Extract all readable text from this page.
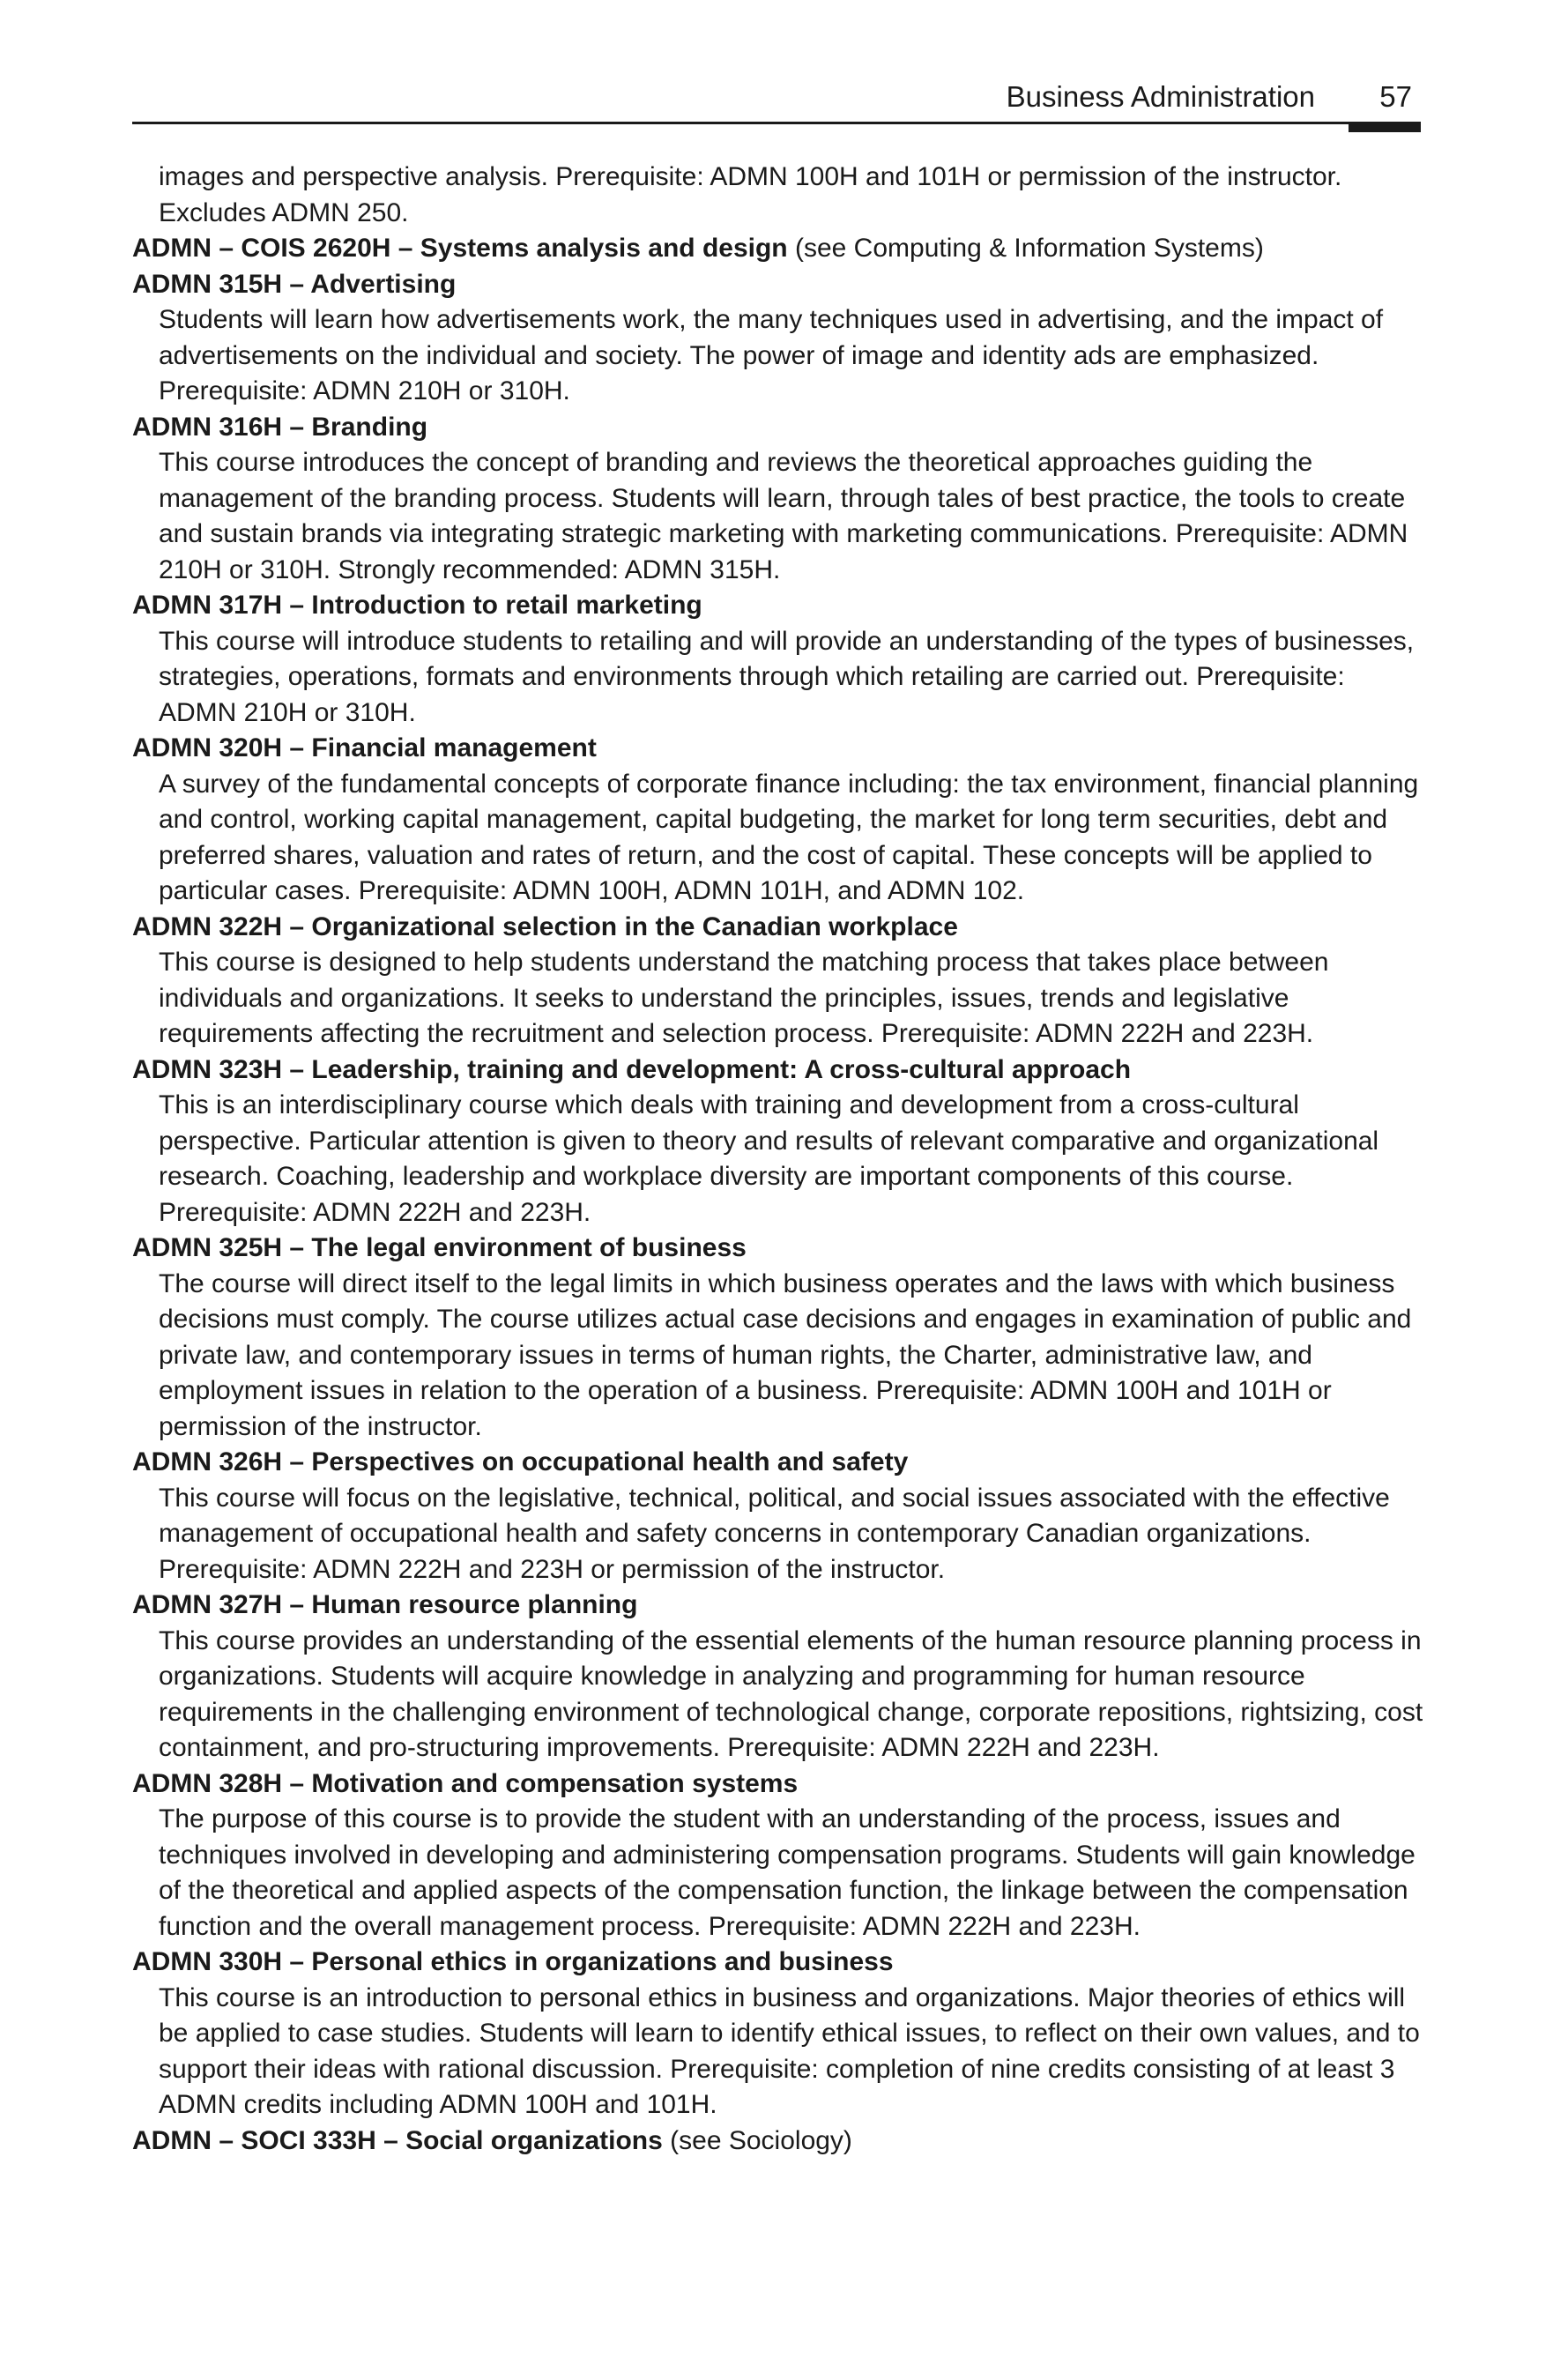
Business Administration 57

images and perspective analysis. Prerequisite: ADMN 100H and 101H or permission of the instructor. Excludes ADMN 250.

ADMN – COIS 2620H – Systems analysis and design (see Computing & Information Systems)

ADMN 315H – Advertising

Students will learn how advertisements work, the many techniques used in advertising, and the impact of advertisements on the individual and society. The power of image and identity ads are emphasized. Prerequisite: ADMN 210H or 310H.

ADMN 316H – Branding

This course introduces the concept of branding and reviews the theoretical approaches guiding the management of the branding process. Students will learn, through tales of best practice, the tools to create and sustain brands via integrating strategic marketing with marketing communications. Prerequisite: ADMN 210H or 310H. Strongly recommended: ADMN 315H.

ADMN 317H – Introduction to retail marketing

This course will introduce students to retailing and will provide an understanding of the types of businesses, strategies, operations, formats and environments through which retailing are carried out. Prerequisite: ADMN 210H or 310H.

ADMN 320H – Financial management

A survey of the fundamental concepts of corporate finance including: the tax environment, financial planning and control, working capital management, capital budgeting, the market for long term securities, debt and preferred shares, valuation and rates of return, and the cost of capital. These concepts will be applied to particular cases. Prerequisite: ADMN 100H, ADMN 101H, and ADMN 102.

ADMN 322H – Organizational selection in the Canadian workplace

This course is designed to help students understand the matching process that takes place between individuals and organizations. It seeks to understand the principles, issues, trends and legislative requirements affecting the recruitment and selection process. Prerequisite: ADMN 222H and 223H.

ADMN 323H – Leadership, training and development: A cross-cultural approach

This is an interdisciplinary course which deals with training and development from a cross-cultural perspective. Particular attention is given to theory and results of relevant comparative and organizational research. Coaching, leadership and workplace diversity are important components of this course. Prerequisite: ADMN 222H and 223H.

ADMN 325H – The legal environment of business

The course will direct itself to the legal limits in which business operates and the laws with which business decisions must comply. The course utilizes actual case decisions and engages in examination of public and private law, and contemporary issues in terms of human rights, the Charter, administrative law, and employment issues in relation to the operation of a business. Prerequisite: ADMN 100H and 101H or permission of the instructor.

ADMN 326H – Perspectives on occupational health and safety

This course will focus on the legislative, technical, political, and social issues associated with the effective management of occupational health and safety concerns in contemporary Canadian organizations. Prerequisite: ADMN 222H and 223H or permission of the instructor.

ADMN 327H – Human resource planning

This course provides an understanding of the essential elements of the human resource planning process in organizations. Students will acquire knowledge in analyzing and programming for human resource requirements in the challenging environment of technological change, corporate repositions, rightsizing, cost containment, and pro-structuring improvements. Prerequisite: ADMN 222H and 223H.

ADMN 328H – Motivation and compensation systems

The purpose of this course is to provide the student with an understanding of the process, issues and techniques involved in developing and administering compensation programs. Students will gain knowledge of the theoretical and applied aspects of the compensation function, the linkage between the compensation function and the overall management process. Prerequisite: ADMN 222H and 223H.

ADMN 330H – Personal ethics in organizations and business

This course is an introduction to personal ethics in business and organizations. Major theories of ethics will be applied to case studies. Students will learn to identify ethical issues, to reflect on their own values, and to support their ideas with rational discussion. Prerequisite: completion of nine credits consisting of at least 3 ADMN credits including ADMN 100H and 101H.

ADMN – SOCI 333H – Social organizations (see Sociology)
